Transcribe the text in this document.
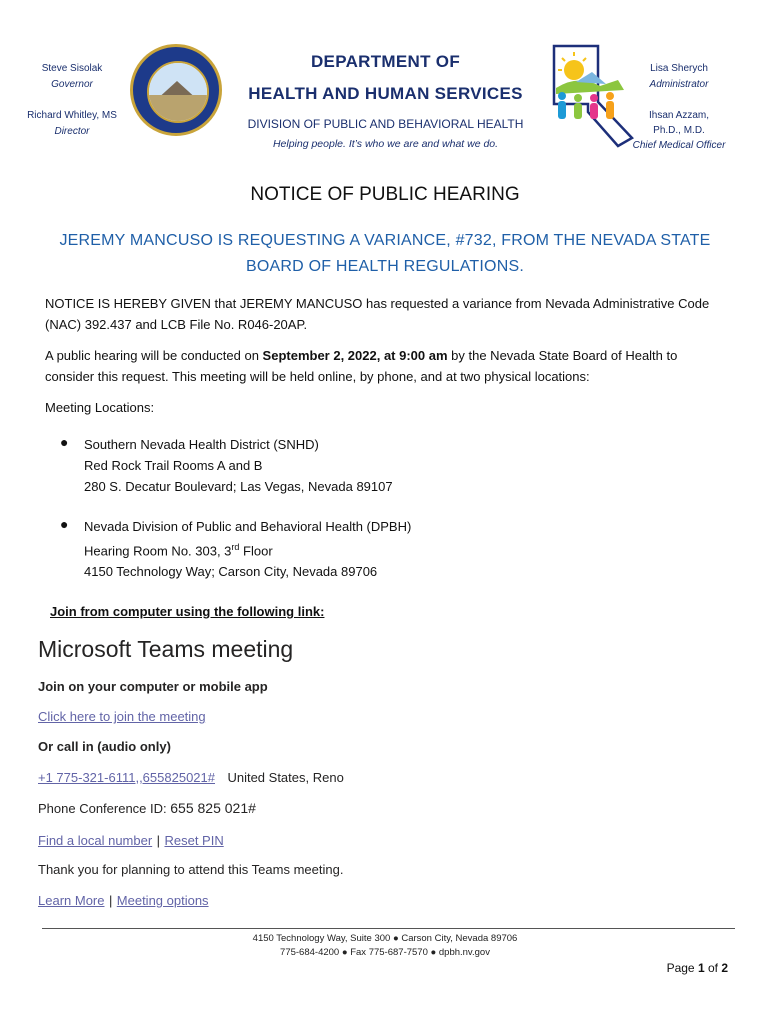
Steve Sisolak
Governor
Richard Whitley, MS
Director
DEPARTMENT OF
HEALTH AND HUMAN SERVICES
DIVISION OF PUBLIC AND BEHAVIORAL HEALTH
Helping people. It’s who we are and what we do.
Lisa Sherych
Administrator
Ihsan Azzam,
Ph.D., M.D.
Chief Medical Officer
NOTICE OF PUBLIC HEARING
JEREMY MANCUSO IS REQUESTING A VARIANCE, #732, FROM THE NEVADA STATE
BOARD OF HEALTH REGULATIONS.
NOTICE IS HEREBY GIVEN that JEREMY MANCUSO has requested a variance from Nevada Administrative Code
(NAC) 392.437 and LCB File No. R046-20AP.
A public hearing will be conducted on September 2, 2022, at 9:00 am by the Nevada State Board of Health to
consider this request. This meeting will be held online, by phone, and at two physical locations:
Meeting Locations:
● Southern Nevada Health District (SNHD)
Red Rock Trail Rooms A and B
280 S. Decatur Boulevard; Las Vegas, Nevada 89107
● Nevada Division of Public and Behavioral Health (DPBH)
Hearing Room No. 303, 3rd Floor
4150 Technology Way; Carson City, Nevada 89706
Join from computer using the following link:
Microsoft Teams meeting
Join on your computer or mobile app
Click here to join the meeting
Or call in (audio only)
+1 775-321-6111,,655825021# United States, Reno
Phone Conference ID: 655 825 021#
Find a local number | Reset PIN
Thank you for planning to attend this Teams meeting.
Learn More | Meeting options
4150 Technology Way, Suite 300 ● Carson City, Nevada 89706
775-684-4200 ● Fax 775-687-7570 ● dpbh.nv.gov
Page 1 of 2
